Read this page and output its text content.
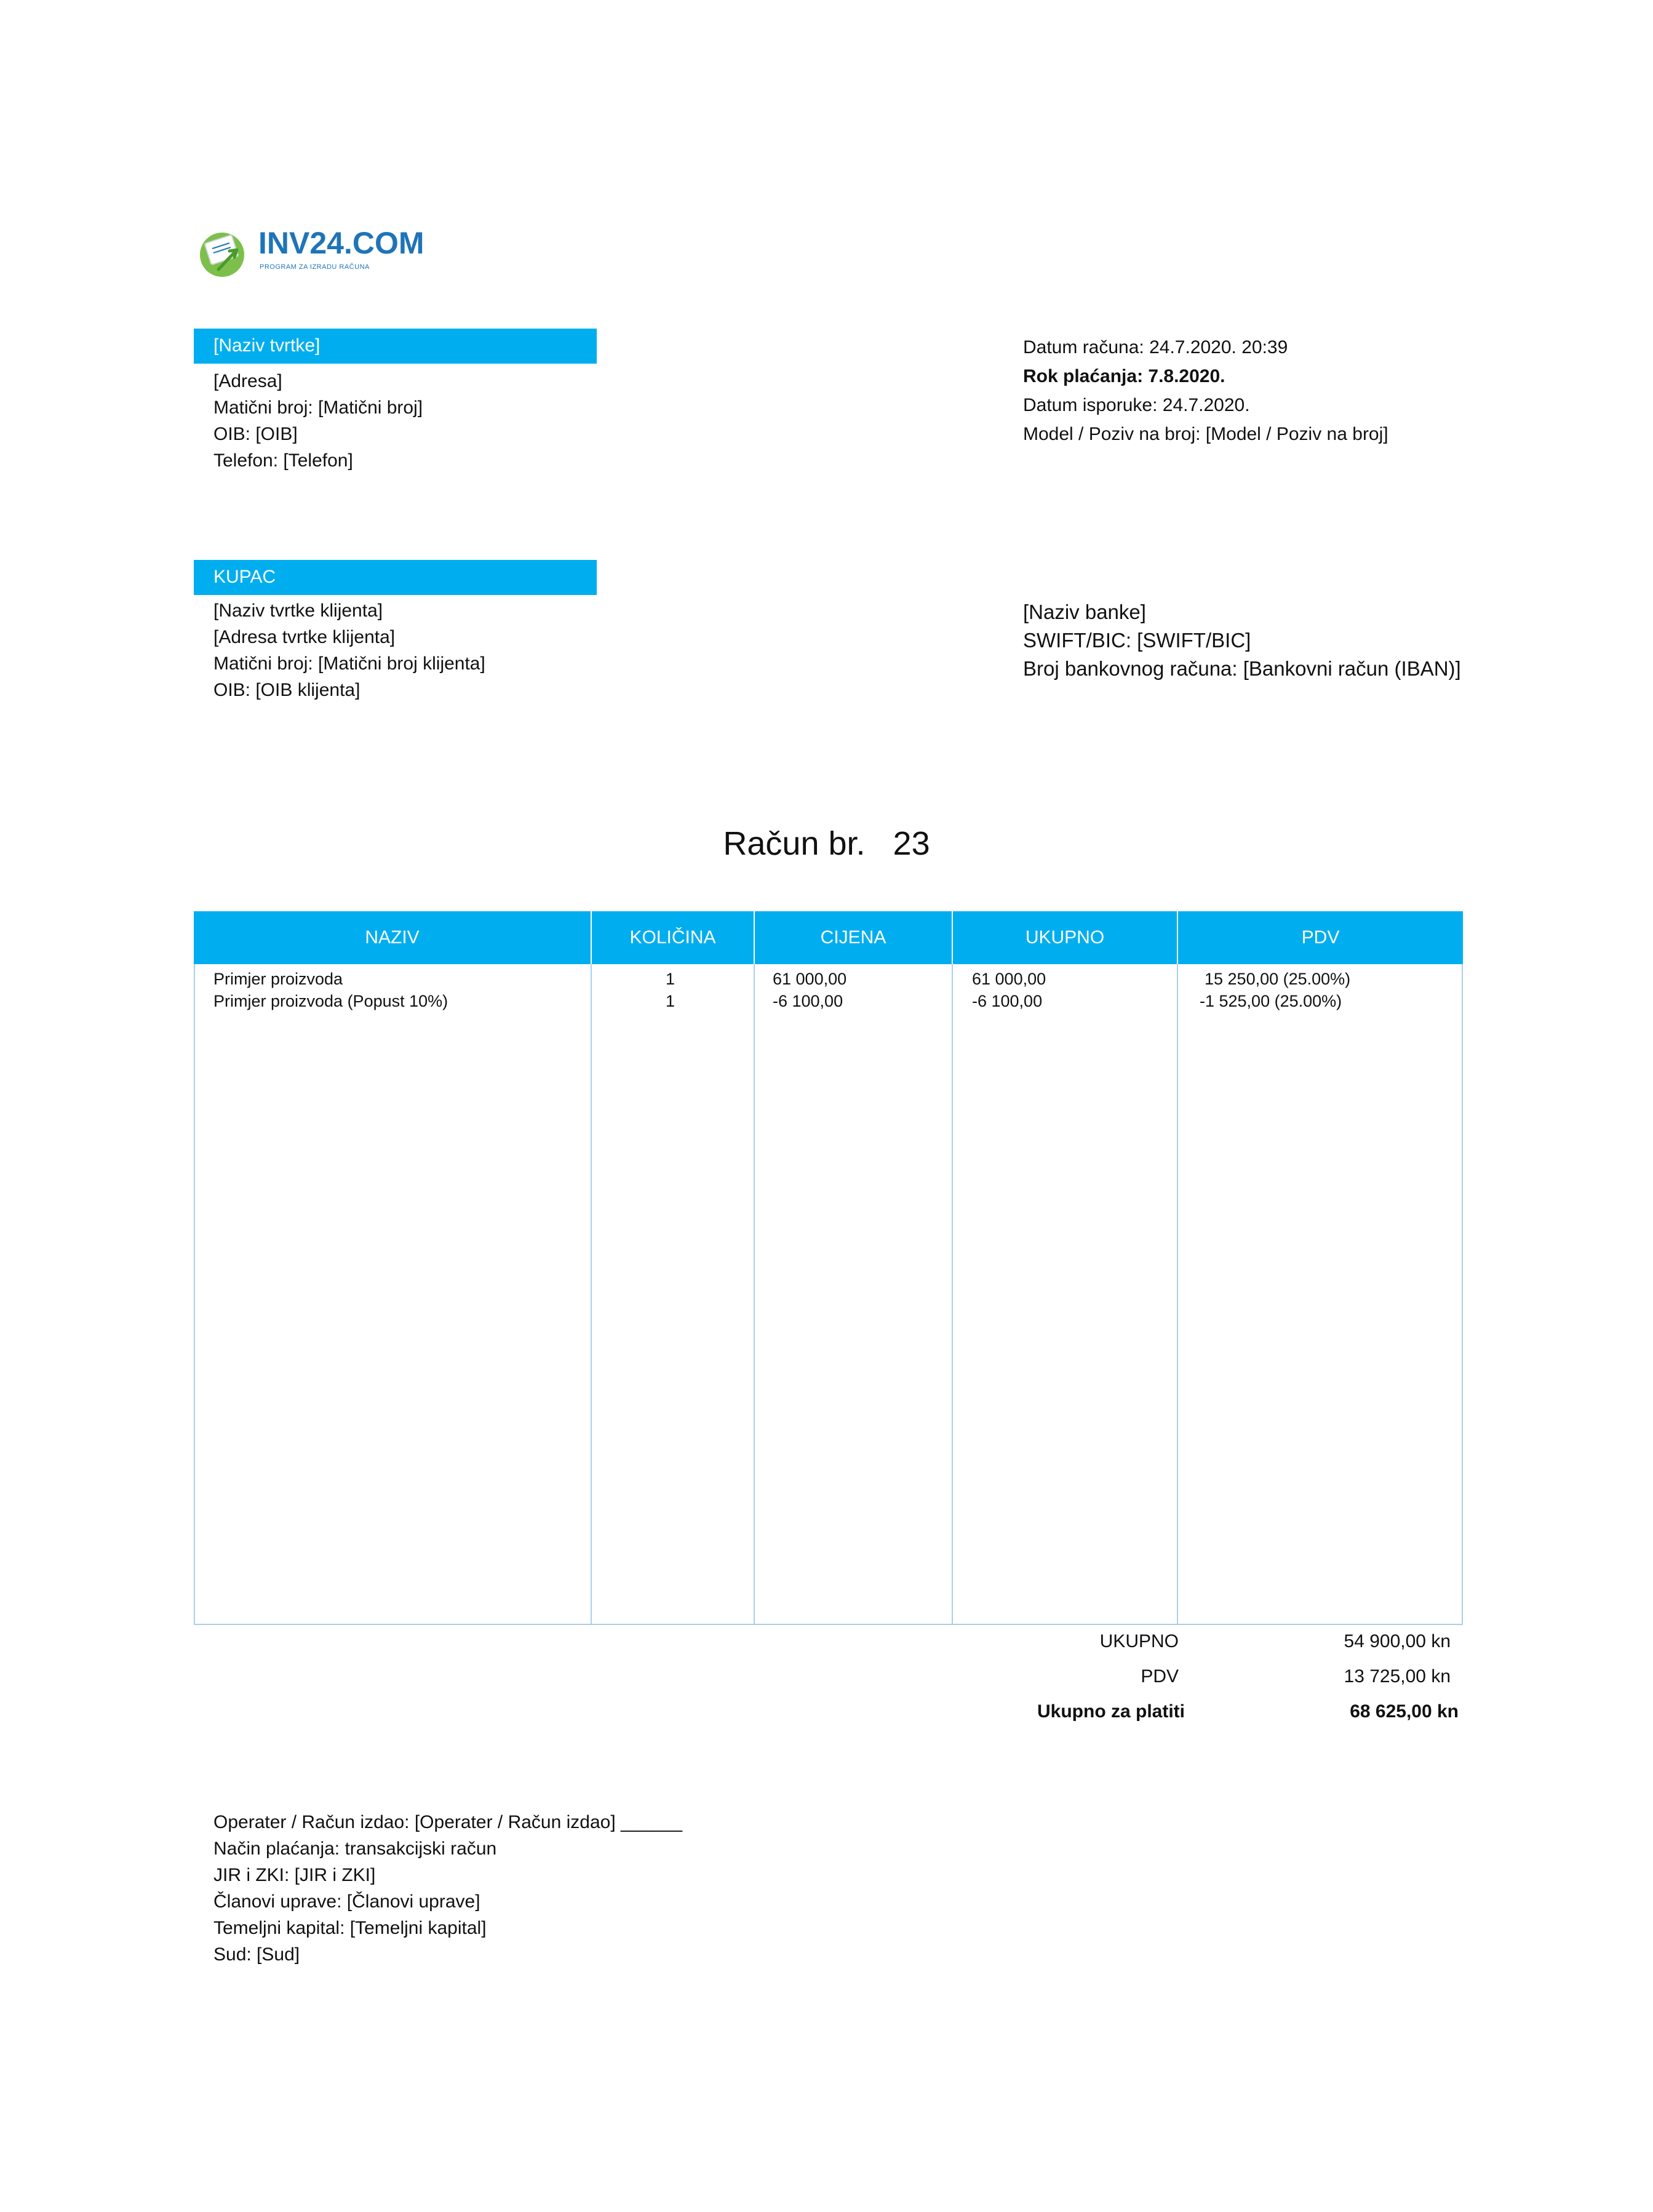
INV24.COM
PROGRAM ZA IZRADU RAČUNA
[Naziv tvrtke]
[Adresa]
Matični broj: [Matični broj]
OIB: [OIB]
Telefon: [Telefon]
Datum računa: 24.7.2020. 20:39
Rok plaćanja: 7.8.2020.
Datum isporuke: 24.7.2020.
Model / Poziv na broj: [Model / Poziv na broj]
KUPAC
[Naziv tvrtke klijenta]
[Adresa tvrtke klijenta]
Matični broj: [Matični broj klijenta]
OIB: [OIB klijenta]
[Naziv banke]
SWIFT/BIC: [SWIFT/BIC]
Broj bankovnog računa: [Bankovni račun (IBAN)]
Račun br.   23
NAZIV	KOLIČINA	CIJENA	UKUPNO	PDV
Primjer proizvoda	1	61 000,00	61 000,00	15 250,00 (25.00%)
Primjer proizvoda (Popust 10%)	1	-6 100,00	-6 100,00	-1 525,00 (25.00%)
UKUPNO	54 900,00 kn
PDV	13 725,00 kn
Ukupno za platiti	68 625,00 kn
Operater / Račun izdao: [Operater / Račun izdao] ______
Način plaćanja: transakcijski račun
JIR i ZKI: [JIR i ZKI]
Članovi uprave: [Članovi uprave]
Temeljni kapital: [Temeljni kapital]
Sud: [Sud]
